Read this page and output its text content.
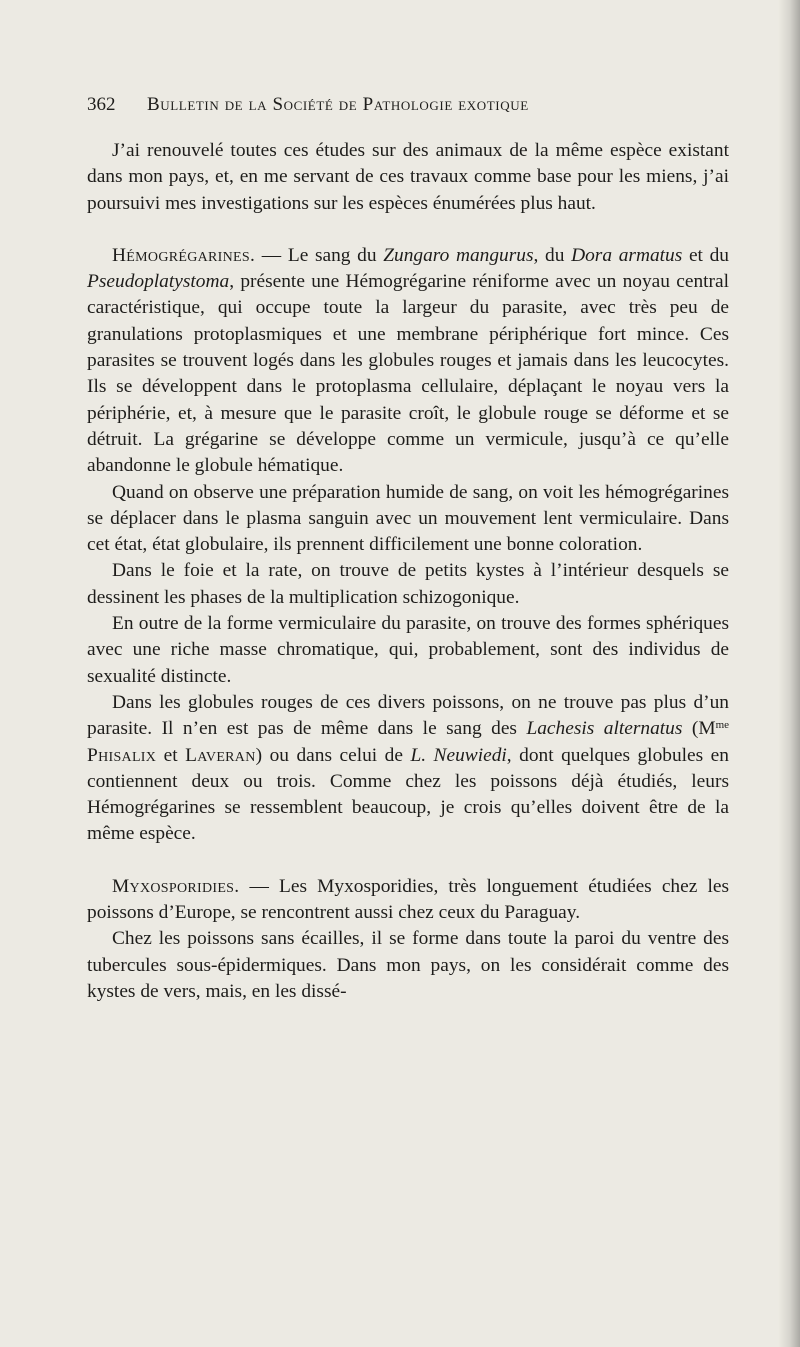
362 Bulletin de la Société de Pathologie exotique

J’ai renouvelé toutes ces études sur des animaux de la même espèce existant dans mon pays, et, en me servant de ces travaux comme base pour les miens, j’ai poursuivi mes investigations sur les espèces énumérées plus haut.

Hémogrégarines. — Le sang du Zungaro mangurus, du Dora armatus et du Pseudoplatystoma, présente une Hémogrégarine réniforme avec un noyau central caractéristique, qui occupe toute la largeur du parasite, avec très peu de granulations protoplasmiques et une membrane périphérique fort mince. Ces parasites se trouvent logés dans les globules rouges et jamais dans les leucocytes. Ils se développent dans le protoplasma cellulaire, déplaçant le noyau vers la périphérie, et, à mesure que le parasite croît, le globule rouge se déforme et se détruit. La grégarine se développe comme un vermicule, jusqu’à ce qu’elle abandonne le globule hématique.

Quand on observe une préparation humide de sang, on voit les hémogrégarines se déplacer dans le plasma sanguin avec un mouvement lent vermiculaire. Dans cet état, état globulaire, ils prennent difficilement une bonne coloration.

Dans le foie et la rate, on trouve de petits kystes à l’intérieur desquels se dessinent les phases de la multiplication schizogonique.

En outre de la forme vermiculaire du parasite, on trouve des formes sphériques avec une riche masse chromatique, qui, probablement, sont des individus de sexualité distincte.

Dans les globules rouges de ces divers poissons, on ne trouve pas plus d’un parasite. Il n’en est pas de même dans le sang des Lachesis alternatus ($M^{me}$ Phisalix et Laveran) ou dans celui de L. Neuwiedi, dont quelques globules en contiennent deux ou trois. Comme chez les poissons déjà étudiés, leurs Hémogrégarines se ressemblent beaucoup, je crois qu’elles doivent être de la même espèce.

Myxosporidies. — Les Myxosporidies, très longuement étudiées chez les poissons d’Europe, se rencontrent aussi chez ceux du Paraguay.

Chez les poissons sans écailles, il se forme dans toute la paroi du ventre des tubercules sous-épidermiques. Dans mon pays, on les considérait comme des kystes de vers, mais, en les dissé-
